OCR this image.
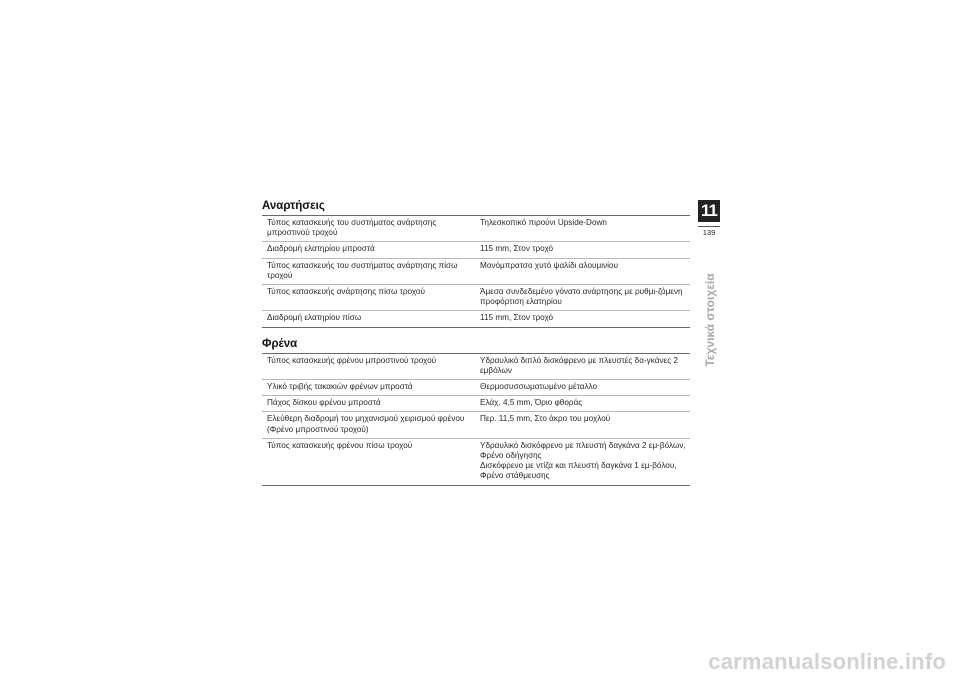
Αναρτήσεις
Τύπος κατασκευής του συστήματος ανάρτησης μπροστινού τροχού	Τηλεσκοπικό πιρούνι Upside-Down
Διαδρομή ελατηρίου μπροστά	115 mm, Στον τροχό
Τύπος κατασκευής του συστήματος ανάρτησης πίσω τροχού	Μονόμπρατσο χυτό ψαλίδι αλουμινίου
Τύπος κατασκευής ανάρτησης πίσω τροχού	Άμεσα συνδεδεμένο γόνατο ανάρτησης με ρυθμι-ζόμενη προφόρτιση ελατηρίου
Διαδρομή ελατηρίου πίσω	115 mm, Στον τροχό
Φρένα
Τύπος κατασκευής φρένου μπροστινού τροχού	Υδραυλικό διπλό δισκόφρενο με πλευστές δα-γκάνες 2 εμβόλων
Υλικό τριβής τακακιών φρένων μπροστά	Θερμοσυσσωματωμένο μέταλλο
Πάχος δίσκου φρένου μπροστά	Ελάχ. 4,5 mm, Όριο φθοράς
Ελεύθερη διαδρομή του μηχανισμού χειρισμού φρένου (Φρένο μπροστινού τροχού)	Περ. 11,5 mm, Στο άκρο του μοχλού
Τύπος κατασκευής φρένου πίσω τροχού	Υδραυλικό δισκόφρενο με πλευστή δαγκάνα 2 εμ-βόλων, Φρένο οδήγησης
Δισκόφρενο με ντίζα και πλευστή δαγκάνα 1 εμ-βόλου, Φρένο στάθμευσης
11
139
Τεχνικά στοιχεία
carmanualsonline.info
